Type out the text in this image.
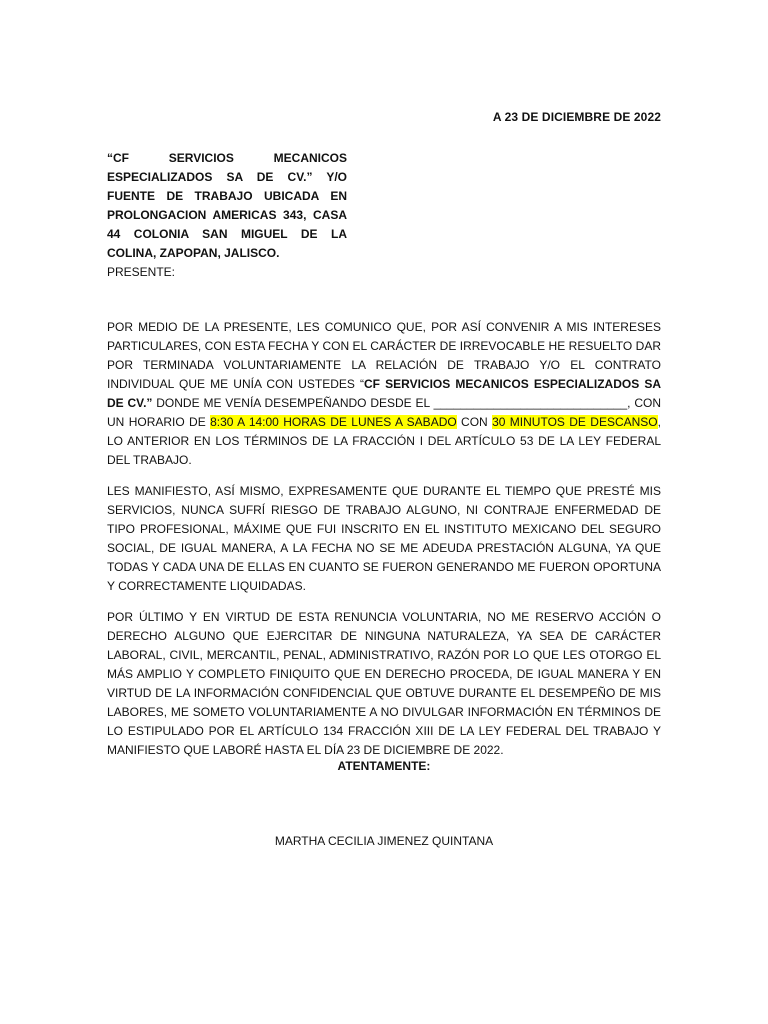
A 23 DE DICIEMBRE DE 2022

“CF SERVICIOS MECANICOS ESPECIALIZADOS SA DE CV.” Y/O FUENTE DE TRABAJO UBICADA EN PROLONGACION AMERICAS 343, CASA 44 COLONIA SAN MIGUEL DE LA COLINA, ZAPOPAN, JALISCO.

PRESENTE:

POR MEDIO DE LA PRESENTE, LES COMUNICO QUE, POR ASÍ CONVENIR A MIS INTERESES PARTICULARES, CON ESTA FECHA Y CON EL CARÁCTER DE IRREVOCABLE HE RESUELTO DAR POR TERMINADA VOLUNTARIAMENTE LA RELACIÓN DE TRABAJO Y/O EL CONTRATO INDIVIDUAL QUE ME UNÍA CON USTEDES “CF SERVICIOS MECANICOS ESPECIALIZADOS SA DE CV.” DONDE ME VENÍA DESEMPEÑANDO DESDE EL _____________________________, CON UN HORARIO DE 8:30 A 14:00 HORAS DE LUNES A SABADO CON 30 MINUTOS DE DESCANSO, LO ANTERIOR EN LOS TÉRMINOS DE LA FRACCIÓN I DEL ARTÍCULO 53 DE LA LEY FEDERAL DEL TRABAJO.

LES MANIFIESTO, ASÍ MISMO, EXPRESAMENTE QUE DURANTE EL TIEMPO QUE PRESTÉ MIS SERVICIOS, NUNCA SUFRÍ RIESGO DE TRABAJO ALGUNO, NI CONTRAJE ENFERMEDAD DE TIPO PROFESIONAL, MÁXIME QUE FUI INSCRITO EN EL INSTITUTO MEXICANO DEL SEGURO SOCIAL, DE IGUAL MANERA, A LA FECHA NO SE ME ADEUDA PRESTACIÓN ALGUNA, YA QUE TODAS Y CADA UNA DE ELLAS EN CUANTO SE FUERON GENERANDO ME FUERON OPORTUNA Y CORRECTAMENTE LIQUIDADAS.

POR ÚLTIMO Y EN VIRTUD DE ESTA RENUNCIA VOLUNTARIA, NO ME RESERVO ACCIÓN O DERECHO ALGUNO QUE EJERCITAR DE NINGUNA NATURALEZA, YA SEA DE CARÁCTER LABORAL, CIVIL, MERCANTIL, PENAL, ADMINISTRATIVO, RAZÓN POR LO QUE LES OTORGO EL MÁS AMPLIO Y COMPLETO FINIQUITO QUE EN DERECHO PROCEDA, DE IGUAL MANERA Y EN VIRTUD DE LA INFORMACIÓN CONFIDENCIAL QUE OBTUVE DURANTE EL DESEMPEÑO DE MIS LABORES, ME SOMETO VOLUNTARIAMENTE A NO DIVULGAR INFORMACIÓN EN TÉRMINOS DE LO ESTIPULADO POR EL ARTÍCULO 134 FRACCIÓN XIII DE LA LEY FEDERAL DEL TRABAJO Y MANIFIESTO QUE LABORÉ HASTA EL DÍA 23 DE DICIEMBRE DE 2022.

ATENTAMENTE:
MARTHA CECILIA JIMENEZ QUINTANA
